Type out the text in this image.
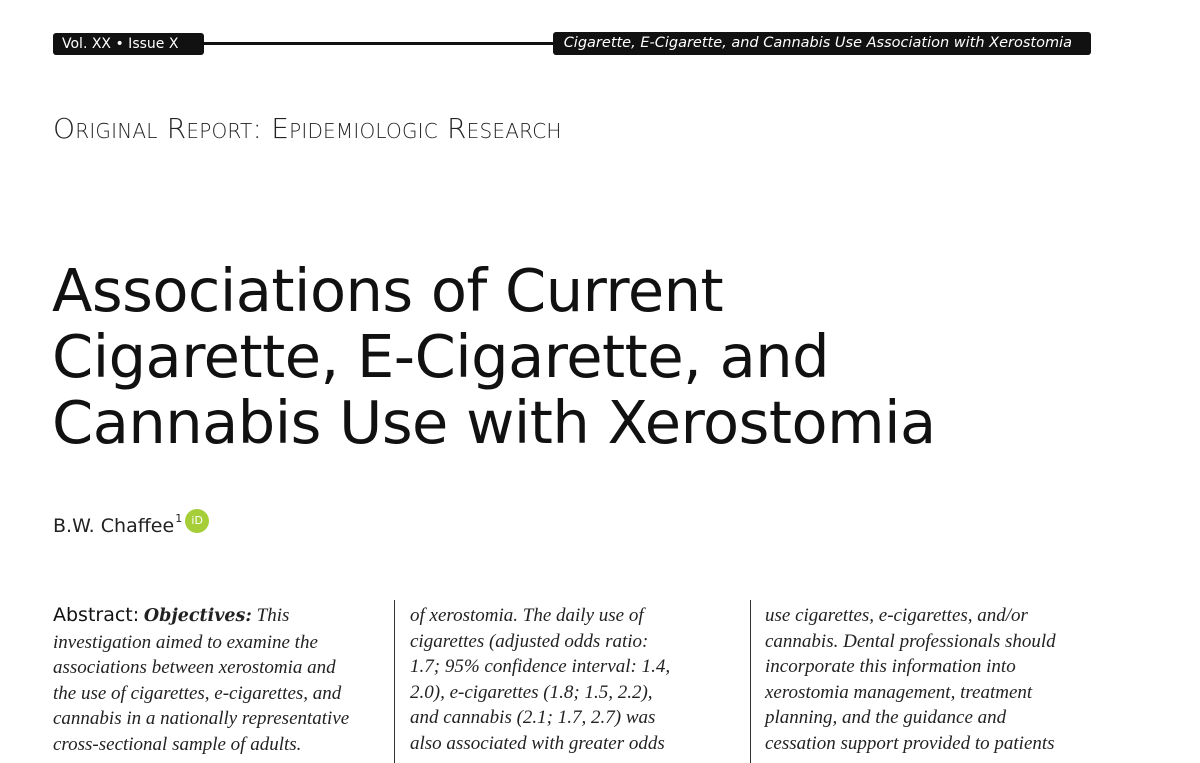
Vol. XX • Issue X	Cigarette, E-Cigarette, and Cannabis Use Association with Xerostomia
Original Report: Epidemiologic Research
Associations of Current
Cigarette, E-Cigarette, and
Cannabis Use with Xerostomia
B.W. Chaffee$^1$ iD

Abstract: Objectives: This

investigation aimed to examine the

associations between xerostomia and

the use of cigarettes, e-cigarettes, and

cannabis in a nationally representative

cross-sectional sample of adults.

of xerostomia. The daily use of

cigarettes (adjusted odds ratio:

1.7; 95% confidence interval: 1.4,

2.0), e-cigarettes (1.8; 1.5, 2.2),

and cannabis (2.1; 1.7, 2.7) was

also associated with greater odds

use cigarettes, e-cigarettes, and/or

cannabis. Dental professionals should

incorporate this information into

xerostomia management, treatment

planning, and the guidance and

cessation support provided to patients
